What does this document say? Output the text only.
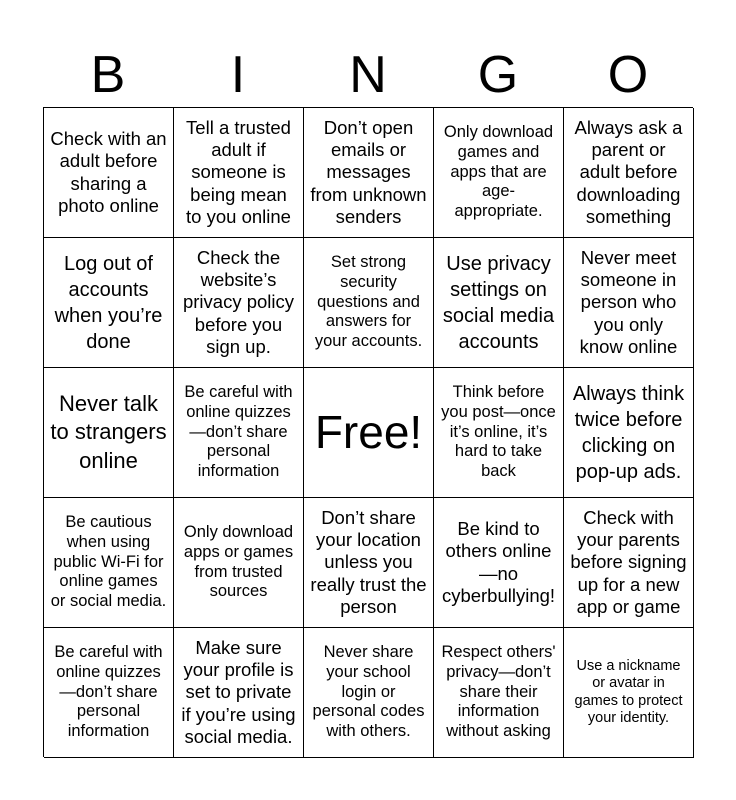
B	I	N	G	O
Check with an adult before sharing a photo online
Tell a trusted adult if someone is being mean to you online
Don’t open emails or messages from unknown senders
Only download games and apps that are age-appropriate.
Always ask a parent or adult before downloading something
Log out of accounts when you’re done
Check the website’s privacy policy before you sign up.
Set strong security questions and answers for your accounts.
Use privacy settings on social media accounts
Never meet someone in person who you only know online
Never talk to strangers online
Be careful with online quizzes—don’t share personal information
Free!
Think before you post—once it’s online, it’s hard to take back
Always think twice before clicking on pop-up ads.
Be cautious when using public Wi-Fi for online games or social media.
Only download apps or games from trusted sources
Don’t share your location unless you really trust the person
Be kind to others online—no cyberbullying!
Check with your parents before signing up for a new app or game
Be careful with online quizzes—don’t share personal information
Make sure your profile is set to private if you’re using social media.
Never share your school login or personal codes with others.
Respect others' privacy—don’t share their information without asking
Use a nickname or avatar in games to protect your identity.
